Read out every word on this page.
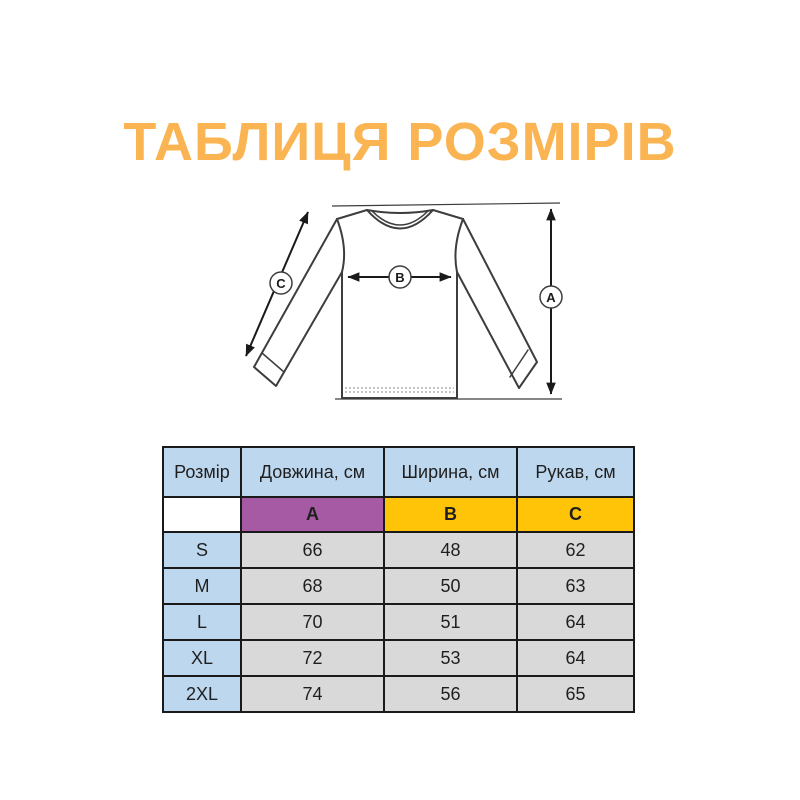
ТАБЛИЦЯ РОЗМІРІВ
A
B
C
Розмір	Довжина, см	Ширина, см	Рукав, см
	A	B	C
S	66	48	62
M	68	50	63
L	70	51	64
XL	72	53	64
2XL	74	56	65
